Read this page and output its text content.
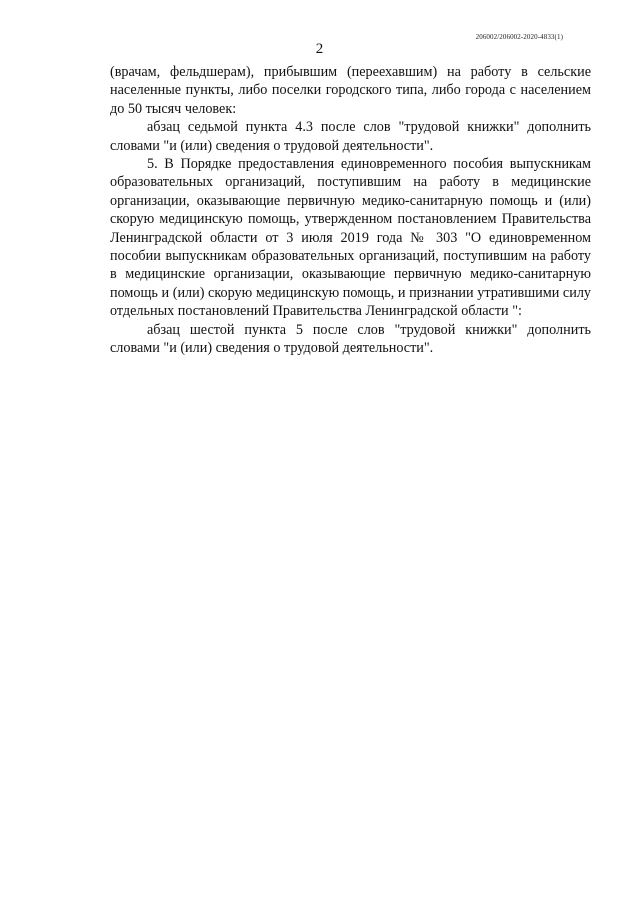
206002/206002-2020-4833(1)
2

(врачам, фельдшерам), прибывшим (переехавшим) на работу в сельские населенные пункты, либо поселки городского типа, либо города с населением до 50 тысяч человек:

абзац седьмой пункта 4.3 после слов "трудовой книжки" дополнить словами "и (или) сведения о трудовой деятельности".

5. В Порядке предоставления единовременного пособия выпускникам образовательных организаций, поступившим на работу в медицинские организации, оказывающие первичную медико-санитарную помощь и (или) скорую медицинскую помощь, утвержденном постановлением Правительства Ленинградской области от 3 июля 2019 года № 303 "О единовременном пособии выпускникам образовательных организаций, поступившим на работу в медицинские организации, оказывающие первичную медико-санитарную помощь и (или) скорую медицинскую помощь, и признании утратившими силу отдельных постановлений Правительства Ленинградской области ":

абзац шестой пункта 5 после слов "трудовой книжки" дополнить словами "и (или) сведения о трудовой деятельности".
